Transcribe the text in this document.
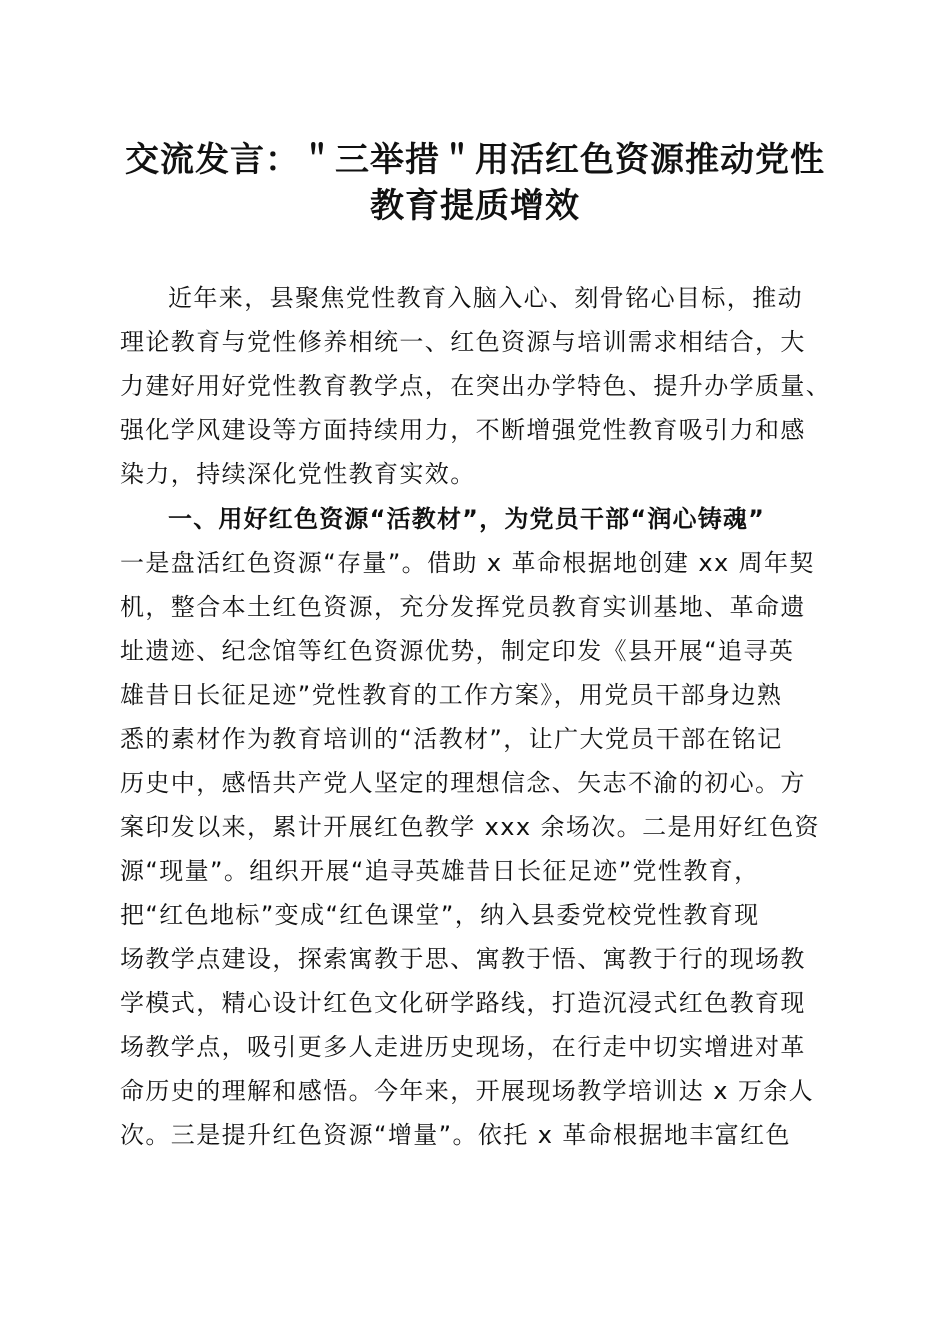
交流发言：＂三举措＂用活红色资源推动党性
教育提质增效

近年来，县聚焦党性教育入脑入心、刻骨铭心目标，推动

理论教育与党性修养相统一、红色资源与培训需求相结合，大

力建好用好党性教育教学点，在突出办学特色、提升办学质量、

强化学风建设等方面持续用力，不断增强党性教育吸引力和感

染力，持续深化党性教育实效。

一、用好红色资源“活教材”，为党员干部“润心铸魂”

一是盘活红色资源“存量”。借助 x 革命根据地创建 xx 周年契

机，整合本土红色资源，充分发挥党员教育实训基地、革命遗

址遗迹、纪念馆等红色资源优势，制定印发《县开展“追寻英

雄昔日长征足迹”党性教育的工作方案》，用党员干部身边熟

悉的素材作为教育培训的“活教材”，让广大党员干部在铭记

历史中，感悟共产党人坚定的理想信念、矢志不渝的初心。方

案印发以来，累计开展红色教学 xxx 余场次。二是用好红色资

源“现量”。组织开展“追寻英雄昔日长征足迹”党性教育，

把“红色地标”变成“红色课堂”，纳入县委党校党性教育现

场教学点建设，探索寓教于思、寓教于悟、寓教于行的现场教

学模式，精心设计红色文化研学路线，打造沉浸式红色教育现

场教学点，吸引更多人走进历史现场，在行走中切实增进对革

命历史的理解和感悟。今年来，开展现场教学培训达 x 万余人

次。三是提升红色资源“增量”。依托 x 革命根据地丰富红色
